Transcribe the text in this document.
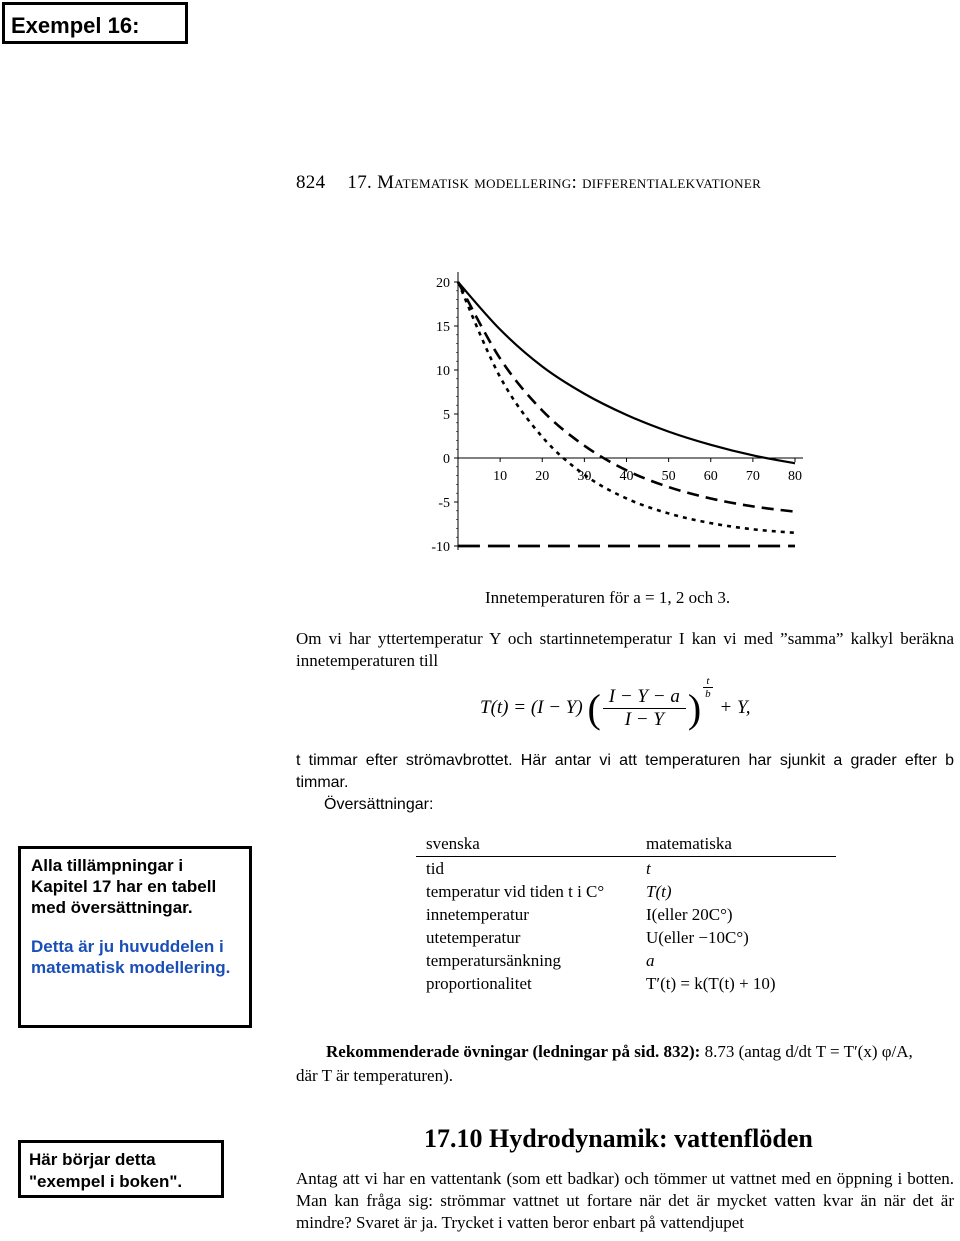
Exempel 16:
824 17. Matematisk modellering: differentialekvationer
20
15
10
5
0
-5
-10
10 20 30 40 50 60 70 80
Innetemperaturen för a = 1, 2 och 3.
Om vi har yttertemperatur Y och startinnetemperatur I kan vi med ”samma” kalkyl beräkna innetemperaturen till
T(t) = (I − Y) ( $\frac{I - Y - a}{I - Y}$ ) $^{\frac{t}{b}}$
+ Y,
t timmar efter strömavbrottet. Här antar vi att temperaturen har sjunkit a grader efter b timmar.
Översättningar:
svenska	matematiska
tid	t
temperatur vid tiden t i C°	T(t)
innetemperatur	I(eller 20C°)
utetemperatur	U(eller −10C°)
temperatursänkning	a
proportionalitet	T′(t) = k(T(t) + 10)

Alla tillämpningar i Kapitel 17 har en tabell med översättningar.

Detta är ju huvuddelen i matematisk modellering.

Rekommenderade övningar (ledningar på sid. 832): 8.73 (antag d/dt T = T′(x) φ/A,
där T är temperaturen).
Här börjar detta "exempel i boken".
17.10 Hydrodynamik: vattenflöden
Antag att vi har en vattentank (som ett badkar) och tömmer ut vattnet med en öppning i botten. Man kan fråga sig: strömmar vattnet ut fortare när det är mycket vatten kvar än när det är mindre? Svaret är ja. Trycket i vatten beror enbart på vattendjupet
